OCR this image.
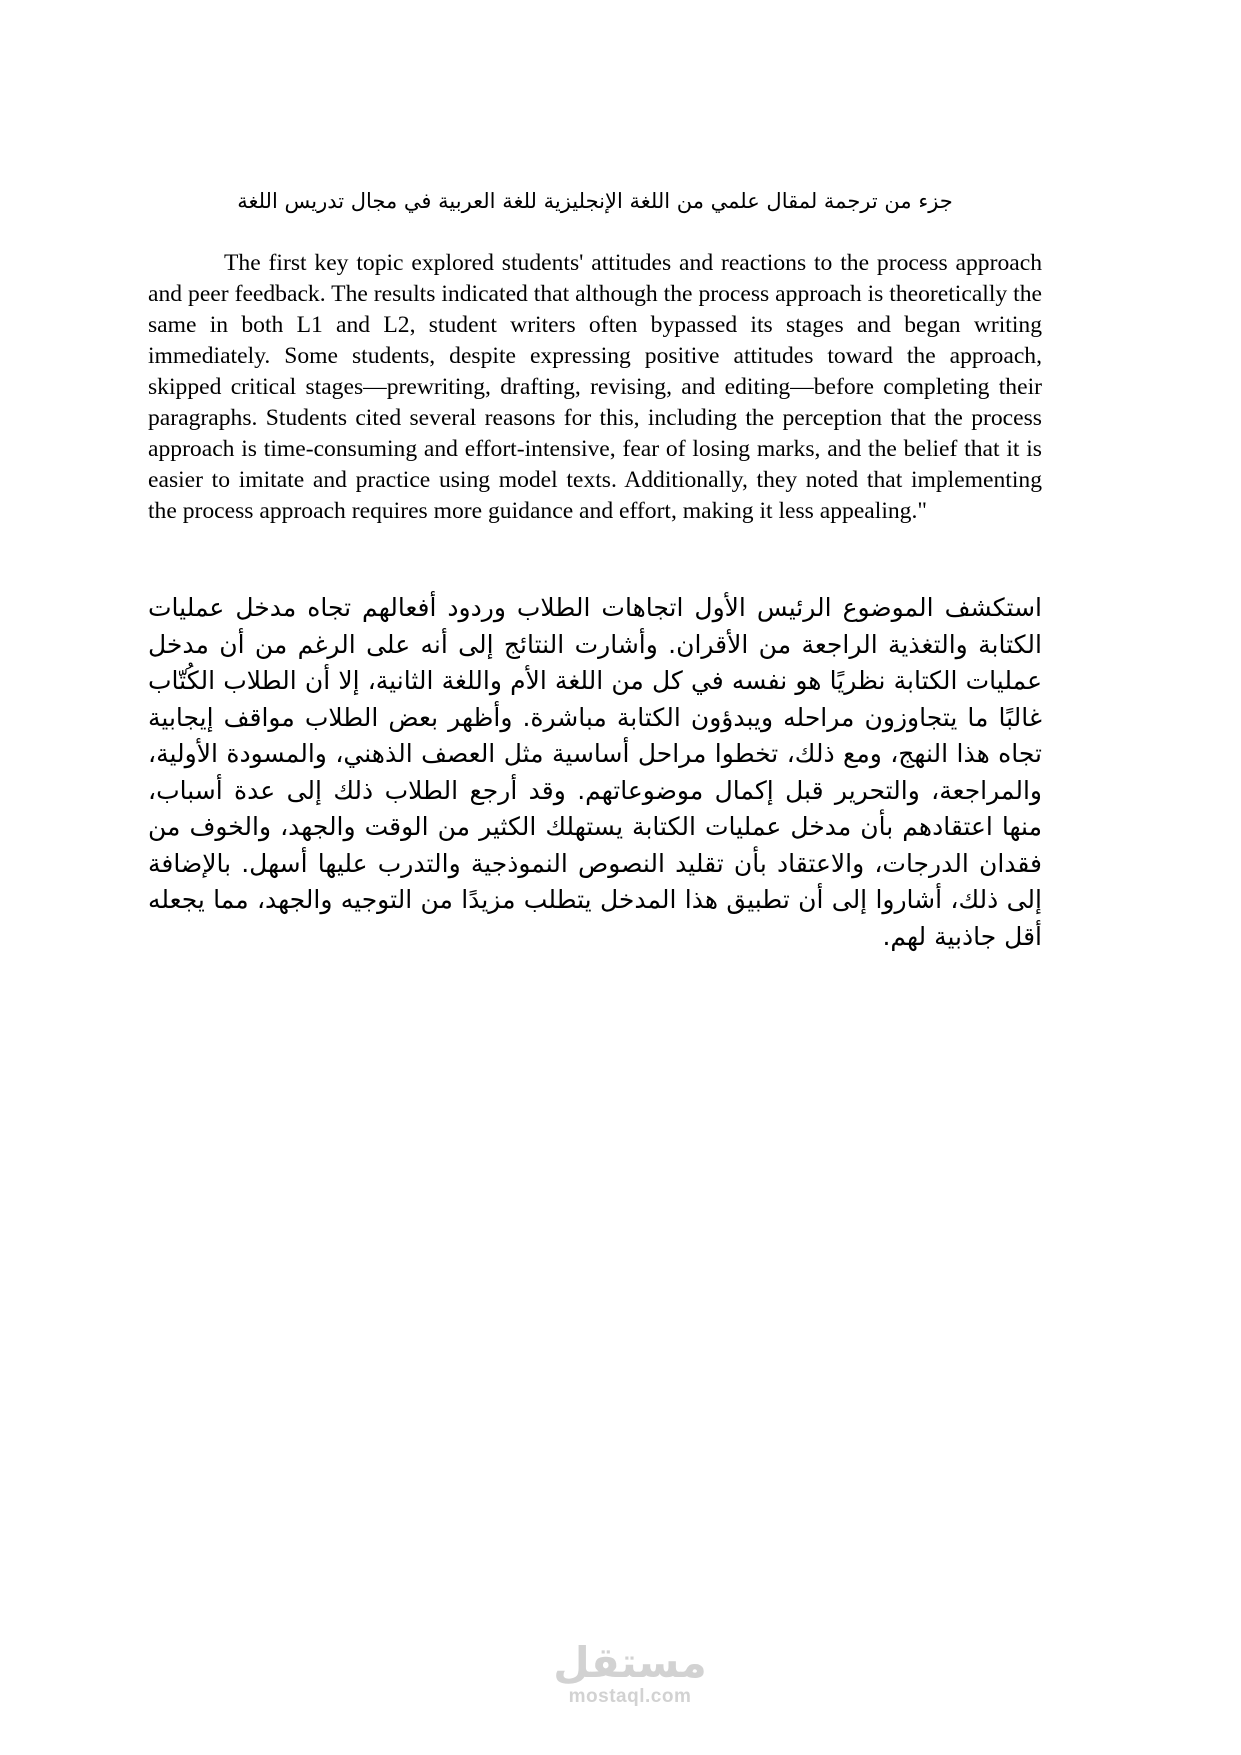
جزء من ترجمة لمقال علمي من اللغة الإنجليزية للغة العربية في مجال تدريس اللغة

The first key topic explored students' attitudes and reactions to the process approach and peer feedback. The results indicated that although the process approach is theoretically the same in both L1 and L2, student writers often bypassed its stages and began writing immediately. Some students, despite expressing positive attitudes toward the approach, skipped critical stages—prewriting, drafting, revising, and editing—before completing their paragraphs. Students cited several reasons for this, including the perception that the process approach is time-consuming and effort-intensive, fear of losing marks, and the belief that it is easier to imitate and practice using model texts. Additionally, they noted that implementing the process approach requires more guidance and effort, making it less appealing."

استكشف الموضوع الرئيس الأول اتجاهات الطلاب وردود أفعالهم تجاه مدخل عمليات الكتابة والتغذية الراجعة من الأقران. وأشارت النتائج إلى أنه على الرغم من أن مدخل عمليات الكتابة نظريًا هو نفسه في كل من اللغة الأم واللغة الثانية، إلا أن الطلاب الكُتّاب غالبًا ما يتجاوزون مراحله ويبدؤون الكتابة مباشرة. وأظهر بعض الطلاب مواقف إيجابية تجاه هذا النهج، ومع ذلك، تخطوا مراحل أساسية مثل العصف الذهني، والمسودة الأولية، والمراجعة، والتحرير قبل إكمال موضوعاتهم. وقد أرجع الطلاب ذلك إلى عدة أسباب، منها اعتقادهم بأن مدخل عمليات الكتابة يستهلك الكثير من الوقت والجهد، والخوف من فقدان الدرجات، والاعتقاد بأن تقليد النصوص النموذجية والتدرب عليها أسهل. بالإضافة إلى ذلك، أشاروا إلى أن تطبيق هذا المدخل يتطلب مزيدًا من التوجيه والجهد، مما يجعله أقل جاذبية لهم.

مستقل
mostaql.com
